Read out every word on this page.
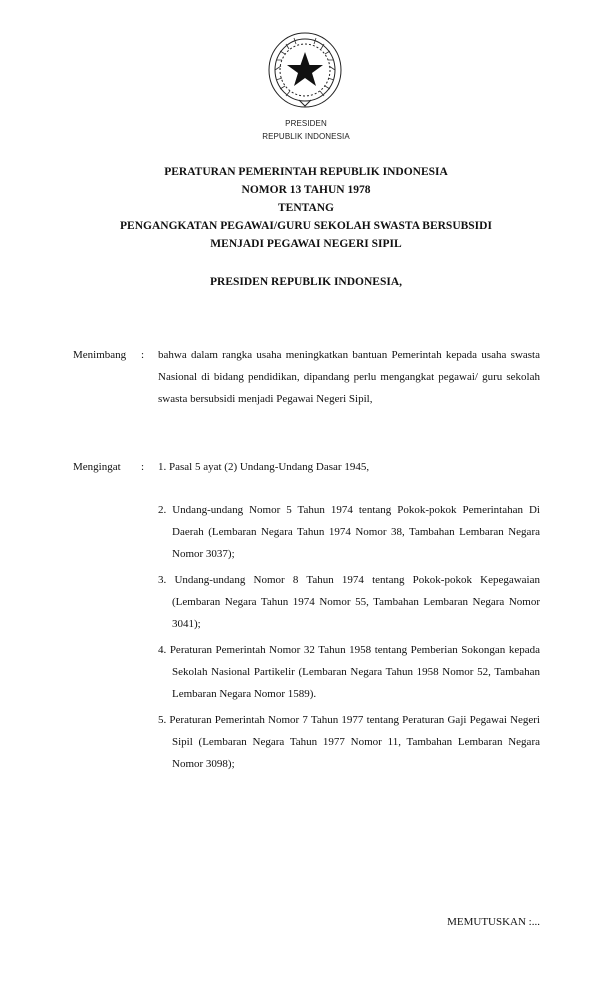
PRESIDEN
REPUBLIK INDONESIA
PERATURAN PEMERINTAH REPUBLIK INDONESIA
NOMOR 13 TAHUN 1978
TENTANG
PENGANGKATAN PEGAWAI/GURU SEKOLAH SWASTA BERSUBSIDI
MENJADI PEGAWAI NEGERI SIPIL
PRESIDEN REPUBLIK INDONESIA,
Menimbang : bahwa dalam rangka usaha meningkatkan bantuan Pemerintah kepada usaha swasta Nasional di bidang pendidikan, dipandang perlu mengangkat pegawai/ guru sekolah swasta bersubsidi menjadi Pegawai Negeri Sipil,
Mengingat : 1. Pasal 5 ayat (2) Undang-Undang Dasar 1945,
2. Undang-undang Nomor 5 Tahun 1974 tentang Pokok-pokok Pemerintahan Di Daerah (Lembaran Negara Tahun 1974 Nomor 38, Tambahan Lembaran Negara Nomor 3037);
3. Undang-undang Nomor 8 Tahun 1974 tentang Pokok-pokok Kepegawaian (Lembaran Negara Tahun 1974 Nomor 55, Tambahan Lembaran Negara Nomor 3041);
4. Peraturan Pemerintah Nomor 32 Tahun 1958 tentang Pemberian Sokongan kepada Sekolah Nasional Partikelir (Lembaran Negara Tahun 1958 Nomor 52, Tambahan Lembaran Negara Nomor 1589).
5. Peraturan Pemerintah Nomor 7 Tahun 1977 tentang Peraturan Gaji Pegawai Negeri Sipil (Lembaran Negara Tahun 1977 Nomor 11, Tambahan Lembaran Negara Nomor 3098);
MEMUTUSKAN :...
